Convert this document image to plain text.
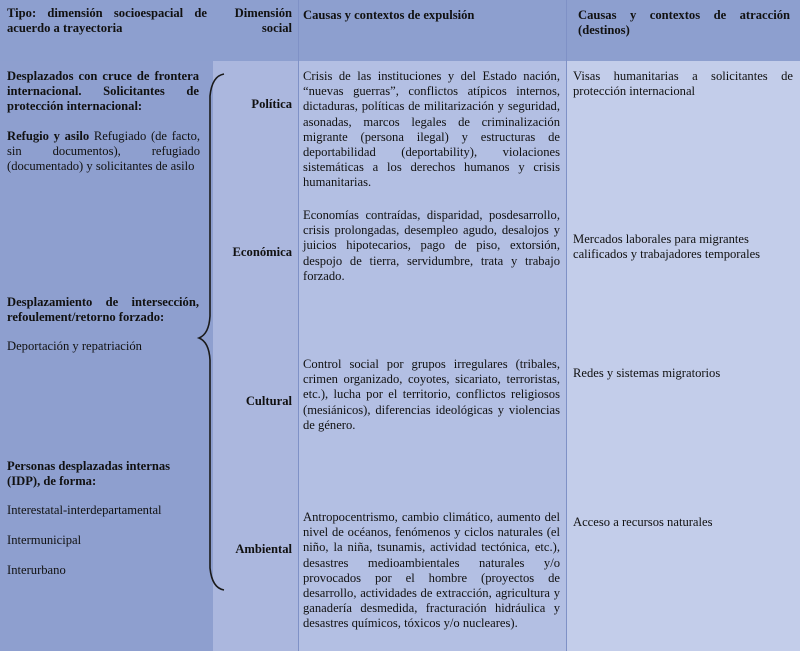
Tipo: dimensión socioespacial de acuerdo a trayectoria
Dimensión social
Causas y contextos de expulsión	Causas y contextos de atracción (destinos)
Desplazados con cruce de frontera internacional. Solicitantes de protección internacional:
Refugio y asilo Refugiado (de facto, sin documentos), refugiado (documentado) y solicitantes de asilo
Desplazamiento de intersección, refoulement/retorno forzado:
Deportación y repatriación
Personas desplazadas internas (IDP), de forma:
Interestatal-interdepartamental
Intermunicipal
Interurbano
Política
Económica
Cultural
Ambiental
Crisis de las instituciones y del Estado nación, “nuevas guerras”, conflictos atípicos internos, dictaduras, políticas de militarización y seguridad, asonadas, marcos legales de criminalización migrante (persona ilegal) y estructuras de deportabilidad (deportability), violaciones sistemáticas a los derechos humanos y crisis humanitarias.
Economías contraídas, disparidad, posdesarrollo, crisis prolongadas, desempleo agudo, desalojos y juicios hipotecarios, pago de piso, extorsión, despojo de tierra, servidumbre, trata y trabajo forzado.
Control social por grupos irregulares (tribales, crimen organizado, coyotes, sicariato, terroristas, etc.), lucha por el territorio, conflictos religiosos (mesiánicos), diferencias ideológicas y violencias de género.
Antropocentrismo, cambio climático, aumento del nivel de océanos, fenómenos y ciclos naturales (el niño, la niña, tsunamis, actividad tectónica, etc.), desastres medioambientales naturales y/o provocados por el hombre (proyectos de desarrollo, actividades de extracción, agricultura y ganadería desmedida, fracturación hidráulica y desastres químicos, tóxicos y/o nucleares).
Visas humanitarias a solicitantes de protección internacional
Mercados laborales para migrantes calificados y trabajadores temporales
Redes y sistemas migratorios
Acceso a recursos naturales
